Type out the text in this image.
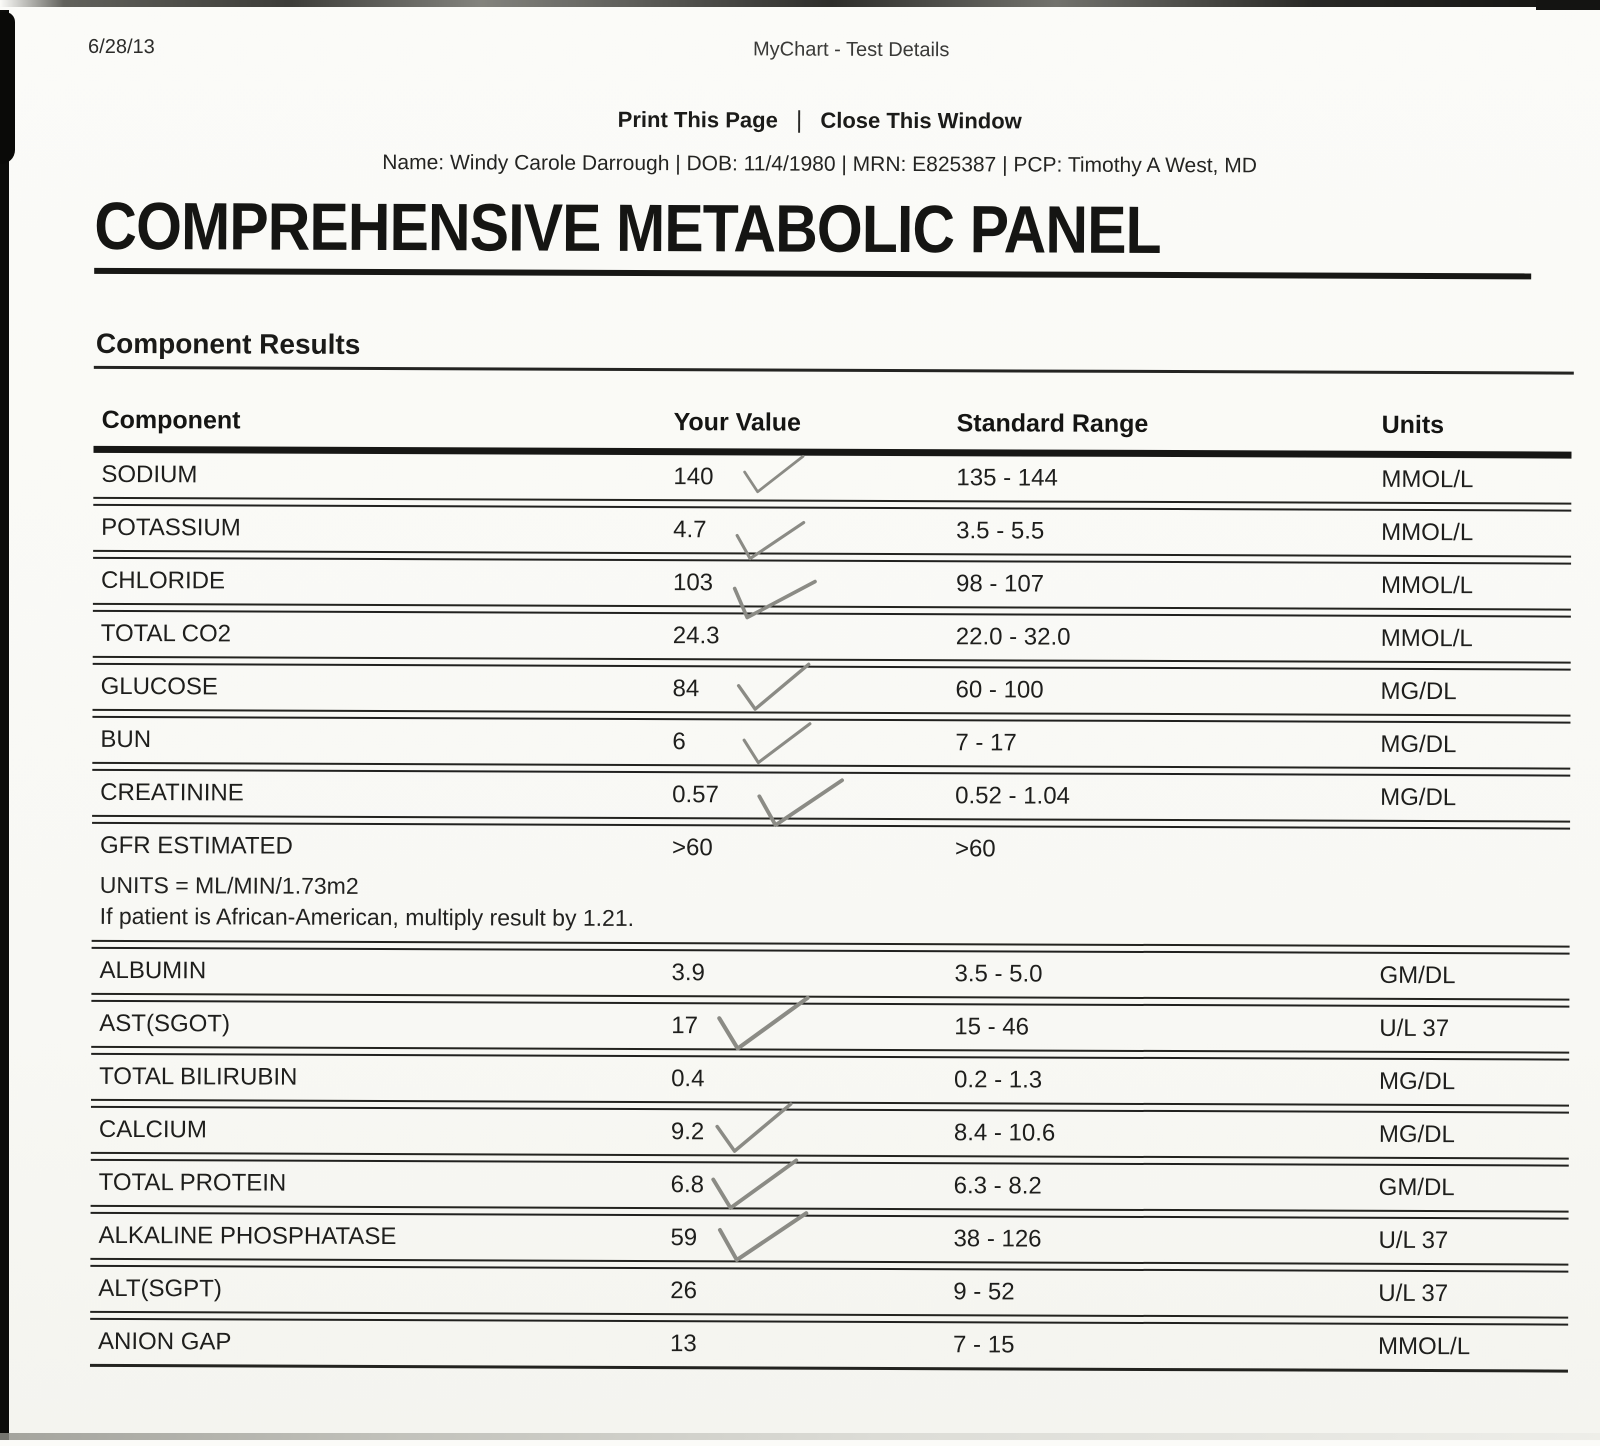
6/28/13	MyChart - Test Details
Print This Page | Close This Window
Name: Windy Carole Darrough | DOB: 11/4/1980 | MRN: E825387 | PCP: Timothy A West, MD
COMPREHENSIVE METABOLIC PANEL
Component Results
Component	Your Value	Standard Range	Units
SODIUM	140	135 - 144	MMOL/L
POTASSIUM	4.7	3.5 - 5.5	MMOL/L
CHLORIDE	103	98 - 107	MMOL/L
TOTAL CO2	24.3	22.0 - 32.0	MMOL/L
GLUCOSE	84	60 - 100	MG/DL
BUN	6	7 - 17	MG/DL
CREATININE	0.57	0.52 - 1.04	MG/DL
GFR ESTIMATED	>60	>60
UNITS = ML/MIN/1.73m2
If patient is African-American, multiply result by 1.21.
ALBUMIN	3.9	3.5 - 5.0	GM/DL
AST(SGOT)	17	15 - 46	U/L 37
TOTAL BILIRUBIN	0.4	0.2 - 1.3	MG/DL
CALCIUM	9.2	8.4 - 10.6	MG/DL
TOTAL PROTEIN	6.8	6.3 - 8.2	GM/DL
ALKALINE PHOSPHATASE	59	38 - 126	U/L 37
ALT(SGPT)	26	9 - 52	U/L 37
ANION GAP	13	7 - 15	MMOL/L
